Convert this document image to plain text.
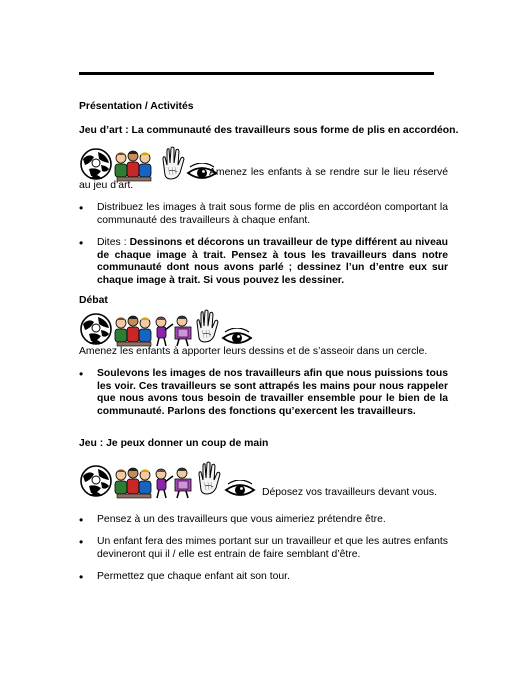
Présentation / Activités
Jeu d’art : La communauté des travailleurs sous forme de plis en accordéon.
Amenez les enfants à se rendre sur le lieu réservé au jeu d’art.
•	Distribuez les images à trait sous forme de plis en accordéon comportant la communauté des travailleurs à chaque enfant.
•	Dites : Dessinons et décorons un travailleur de type différent au niveau de chaque image à trait. Pensez à tous les travailleurs dans notre communauté dont nous avons parlé ; dessinez l’un d’entre eux sur chaque image à trait. Si vous pouvez les dessiner.
Débat
Amenez les enfants à apporter leurs dessins et de s’asseoir dans un cercle.
•	Soulevons les images de nos travailleurs afin que nous puissions tous les voir. Ces travailleurs se sont attrapés les mains pour nous rappeler que nous avons tous besoin de travailler ensemble pour le bien de la communauté. Parlons des fonctions qu’exercent les travailleurs.
Jeu : Je peux donner un coup de main
Déposez vos travailleurs devant vous.
•	Pensez à un des travailleurs que vous aimeriez prétendre être.
•	Un enfant fera des mimes portant sur un travailleur et que les autres enfants devineront qui il / elle est entrain de faire semblant d’être.
•	Permettez que chaque enfant ait son tour.
